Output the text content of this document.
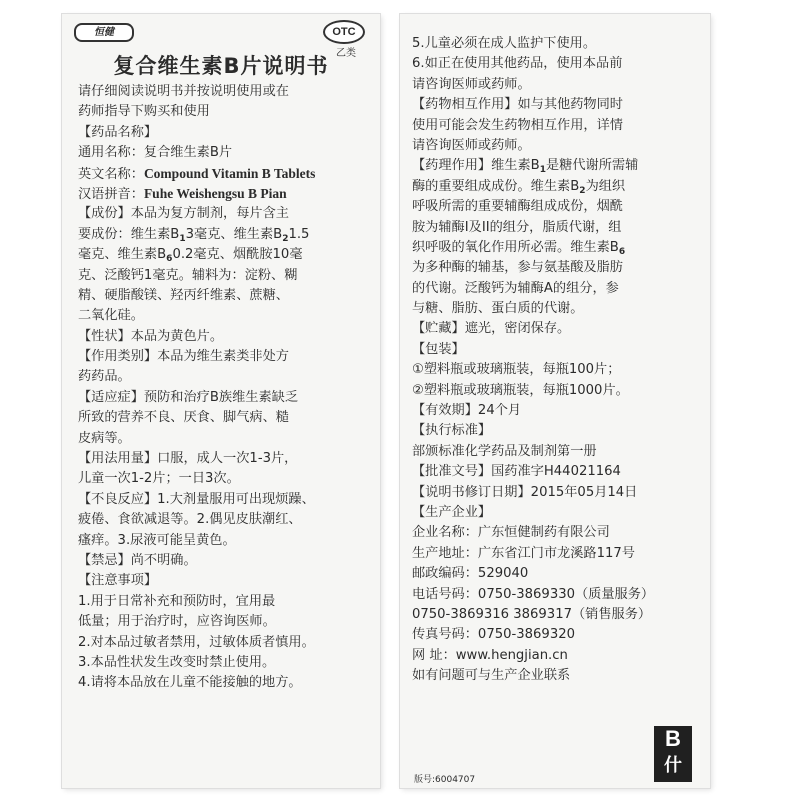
恒健	OTC
乙类
复合维生素B片说明书
请仔细阅读说明书并按说明使用或在
药师指导下购买和使用
【药品名称】
通用名称：复合维生素B片
英文名称：Compound Vitamin B Tablets
汉语拼音：Fuhe Weishengsu B Pian
【成份】本品为复方制剂，每片含主
要成份：维生素$B_13$毫克、维生素$B_21.5$
毫克、维生素$B_60.2$毫克、烟酰胺10毫
克、泛酸钙1毫克。辅料为：淀粉、糊
精、硬脂酸镁、羟丙纤维素、蔗糖、
二氧化硅。
【性状】本品为黄色片。
【作用类别】本品为维生素类非处方
药药品。
【适应症】预防和治疗B族维生素缺乏
所致的营养不良、厌食、脚气病、糙
皮病等。
【用法用量】口服，成人一次1-3片，
儿童一次1-2片；一日3次。
【不良反应】1.大剂量服用可出现烦躁、
疲倦、食欲减退等。2.偶见皮肤潮红、
瘙痒。3.尿液可能呈黄色。
【禁忌】尚不明确。
【注意事项】
1.用于日常补充和预防时，宜用最
低量；用于治疗时，应咨询医师。
2.对本品过敏者禁用，过敏体质者慎用。
3.本品性状发生改变时禁止使用。
4.请将本品放在儿童不能接触的地方。
5.儿童必须在成人监护下使用。
6.如正在使用其他药品，使用本品前
请咨询医师或药师。
【药物相互作用】如与其他药物同时
使用可能会发生药物相互作用，详情
请咨询医师或药师。
【药理作用】维生素$B_1$是糖代谢所需辅
酶的重要组成成份。维生素$B_2$为组织
呼吸所需的重要辅酶组成成份，烟酰
胺为辅酶I及II的组分，脂质代谢，组
织呼吸的氧化作用所必需。维生素$B_6$
为多种酶的辅基，参与氨基酸及脂肪
的代谢。泛酸钙为辅酶A的组分，参
与糖、脂肪、蛋白质的代谢。
【贮藏】遮光，密闭保存。
【包装】
①塑料瓶或玻璃瓶装，每瓶100片；
②塑料瓶或玻璃瓶装，每瓶1000片。
【有效期】24个月
【执行标准】
部颁标准化学药品及制剂第一册
【批准文号】国药准字H44021164
【说明书修订日期】2015年05月14日
【生产企业】
企业名称：广东恒健制药有限公司
生产地址：广东省江门市龙溪路117号
邮政编码：529040
电话号码：0750-3869330（质量服务）
0750-3869316 3869317（销售服务）
传真号码：0750-3869320
网 址：www.hengjian.cn
如有问题可与生产企业联系
B
什
版号:6004707
